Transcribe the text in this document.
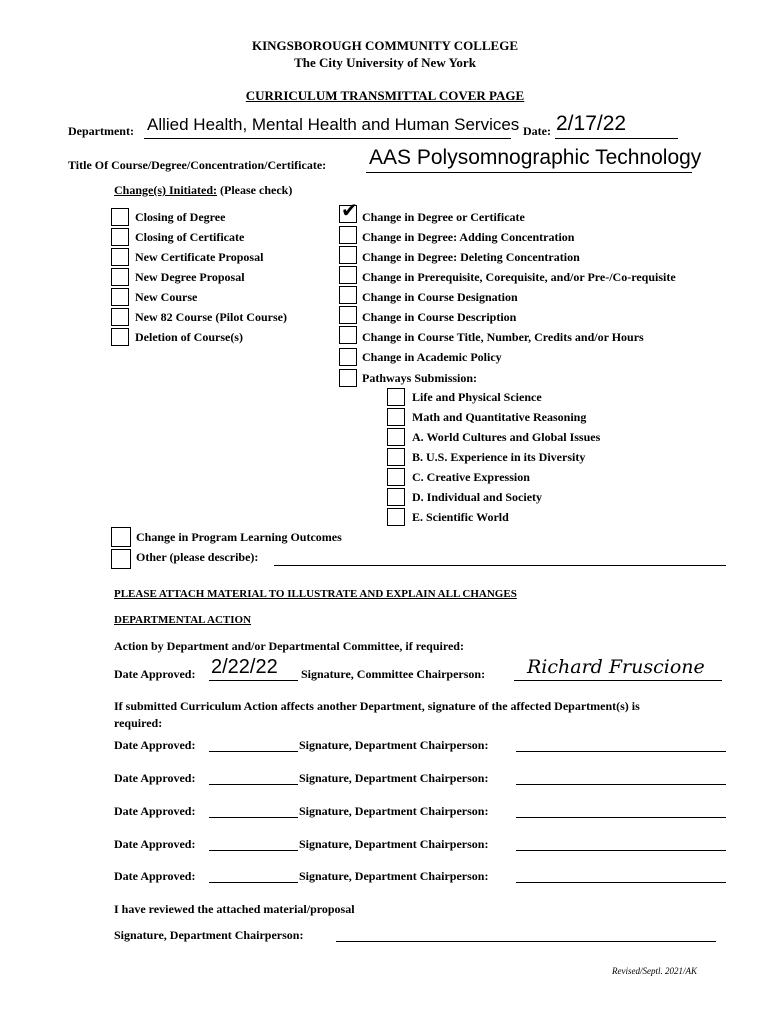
KINGSBOROUGH COMMUNITY COLLEGE
The City University of New York
CURRICULUM TRANSMITTAL COVER PAGE
Department: Allied Health, Mental Health and Human Services Date: 2/17/22
Title Of Course/Degree/Concentration/Certificate: AAS Polysomnographic Technology
Change(s) Initiated: (Please check)
Closing of Degree
Closing of Certificate
New Certificate Proposal
New Degree Proposal
New Course
New 82 Course (Pilot Course)
Deletion of Course(s)
✔ Change in Degree or Certificate
Change in Degree: Adding Concentration
Change in Degree: Deleting Concentration
Change in Prerequisite, Corequisite, and/or Pre-/Co-requisite
Change in Course Designation
Change in Course Description
Change in Course Title, Number, Credits and/or Hours
Change in Academic Policy
Pathways Submission:
Life and Physical Science
Math and Quantitative Reasoning
A. World Cultures and Global Issues
B. U.S. Experience in its Diversity
C. Creative Expression
D. Individual and Society
E. Scientific World
Change in Program Learning Outcomes
Other (please describe):
PLEASE ATTACH MATERIAL TO ILLUSTRATE AND EXPLAIN ALL CHANGES
DEPARTMENTAL ACTION
Action by Department and/or Departmental Committee, if required:
Date Approved: 2/22/22 Signature, Committee Chairperson: Richard Fruscione
If submitted Curriculum Action affects another Department, signature of the affected Department(s) is
required:
Date Approved:	Signature, Department Chairperson:
Date Approved:	Signature, Department Chairperson:
Date Approved:	Signature, Department Chairperson:
Date Approved:	Signature, Department Chairperson:
Date Approved:	Signature, Department Chairperson:
I have reviewed the attached material/proposal
Signature, Department Chairperson:
Revised/Septl. 2021/AK
